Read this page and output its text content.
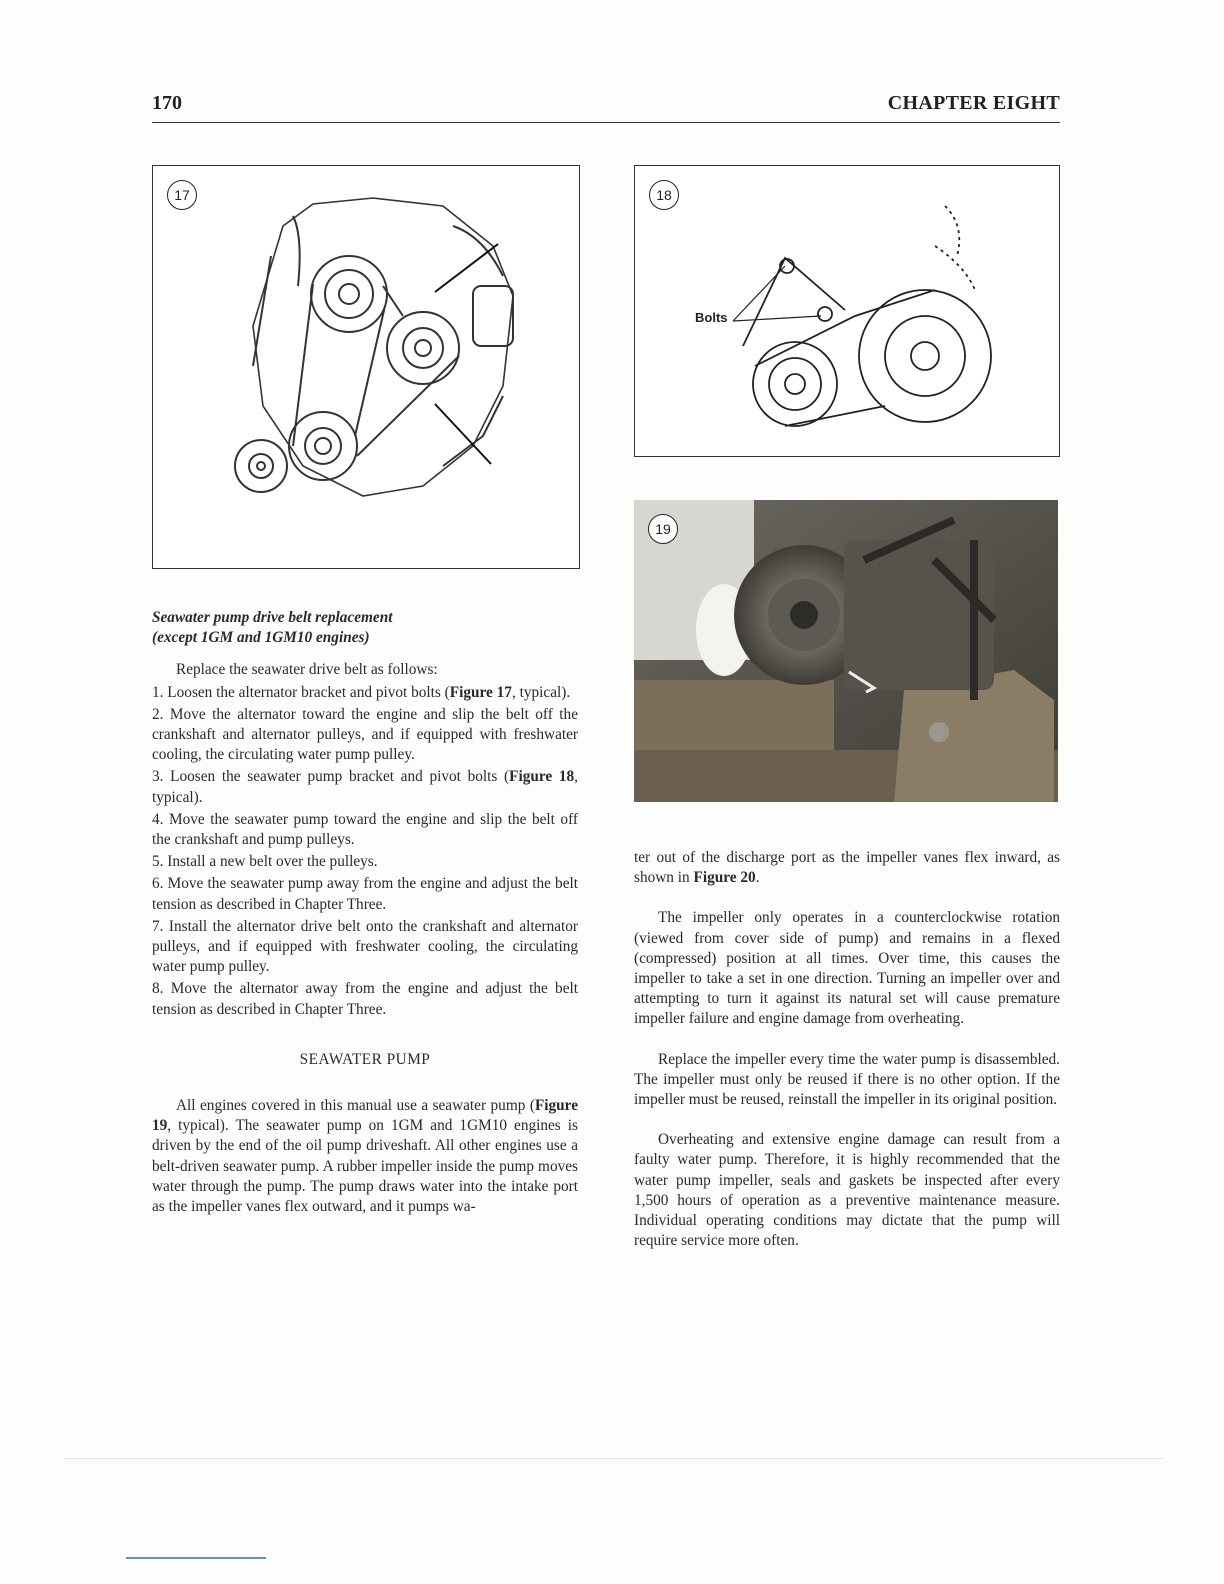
170	CHAPTER EIGHT
17	18
Bolts
19

Seawater pump drive belt replacement

(except 1GM and 1GM10 engines)

Replace the seawater drive belt as follows:

1. Loosen the alternator bracket and pivot bolts (Figure 17, typical).

2. Move the alternator toward the engine and slip the belt off the crankshaft and alternator pulleys, and if equipped with freshwater cooling, the circulating water pump pulley.

3. Loosen the seawater pump bracket and pivot bolts (Figure 18, typical).

4. Move the seawater pump toward the engine and slip the belt off the crankshaft and pump pulleys.

5. Install a new belt over the pulleys.

6. Move the seawater pump away from the engine and adjust the belt tension as described in Chapter Three.

7. Install the alternator drive belt onto the crankshaft and alternator pulleys, and if equipped with freshwater cooling, the circulating water pump pulley.

8. Move the alternator away from the engine and adjust the belt tension as described in Chapter Three.

SEAWATER PUMP

All engines covered in this manual use a seawater pump (Figure 19, typical). The seawater pump on 1GM and 1GM10 engines is driven by the end of the oil pump driveshaft. All other engines use a belt-driven seawater pump. A rubber impeller inside the pump moves water through the pump. The pump draws water into the intake port as the impeller vanes flex outward, and it pumps wa-

ter out of the discharge port as the impeller vanes flex inward, as shown in Figure 20.

The impeller only operates in a counterclockwise rotation (viewed from cover side of pump) and remains in a flexed (compressed) position at all times. Over time, this causes the impeller to take a set in one direction. Turning an impeller over and attempting to turn it against its natural set will cause premature impeller failure and engine damage from overheating.

Replace the impeller every time the water pump is disassembled. The impeller must only be reused if there is no other option. If the impeller must be reused, reinstall the impeller in its original position.

Overheating and extensive engine damage can result from a faulty water pump. Therefore, it is highly recommended that the water pump impeller, seals and gaskets be inspected after every 1,500 hours of operation as a preventive maintenance measure. Individual operating conditions may dictate that the pump will require service more often.
